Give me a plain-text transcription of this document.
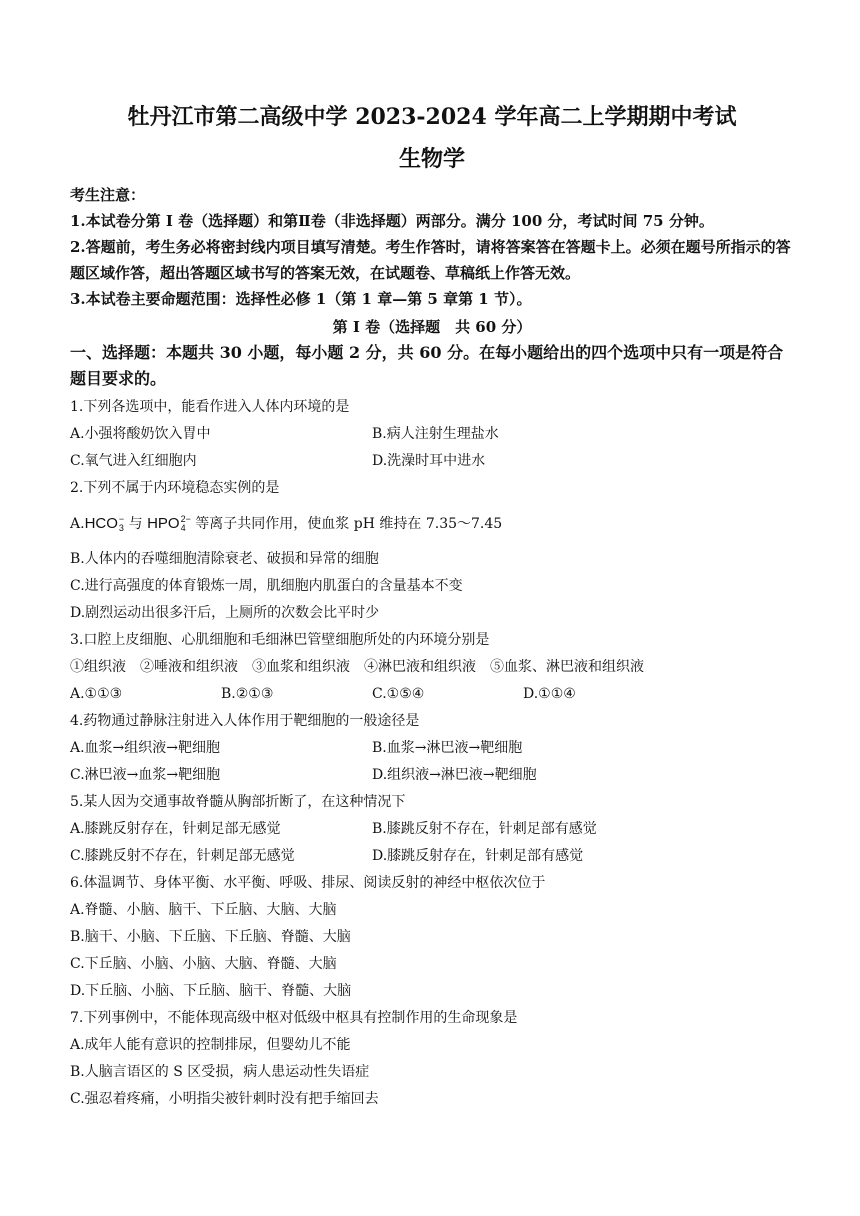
牡丹江市第二高级中学 2023-2024 学年高二上学期期中考试
生物学

考生注意：

1.本试卷分第 I 卷（选择题）和第Ⅱ卷（非选择题）两部分。满分 100 分，考试时间 75 分钟。

2.答题前，考生务必将密封线内项目填写清楚。考生作答时，请将答案答在答题卡上。必须在题号所指示的答题区域作答，超出答题区域书写的答案无效，在试题卷、草稿纸上作答无效。

3.本试卷主要命题范围：选择性必修 1（第 1 章—第 5 章第 1 节）。

第 I 卷（选择题　共 60 分）

一、选择题：本题共 30 小题，每小题 2 分，共 60 分。在每小题给出的四个选项中只有一项是符合题目要求的。

1.下列各选项中，能看作进入人体内环境的是

A.小强将酸奶饮入胃中	B.病人注射生理盐水

C.氧气进入红细胞内	D.洗澡时耳中进水

2.下列不属于内环境稳态实例的是

A.HCO −
3 与 HPO 2−
4 等离子共同作用，使血浆 pH 维持在 7.35～7.45

B.人体内的吞噬细胞清除衰老、破损和异常的细胞

C.进行高强度的体育锻炼一周，肌细胞内肌蛋白的含量基本不变

D.剧烈运动出很多汗后，上厕所的次数会比平时少

3.口腔上皮细胞、心肌细胞和毛细淋巴管壁细胞所处的内环境分别是

①组织液 ②唾液和组织液 ③血浆和组织液 ④淋巴液和组织液 ⑤血浆、淋巴液和组织液

A.①①③	B.②①③	C.①⑤④	D.①①④

4.药物通过静脉注射进入人体作用于靶细胞的一般途径是

A.血浆→组织液→靶细胞	B.血浆→淋巴液→靶细胞

C.淋巴液→血浆→靶细胞	D.组织液→淋巴液→靶细胞

5.某人因为交通事故脊髓从胸部折断了，在这种情况下

A.膝跳反射存在，针刺足部无感觉	B.膝跳反射不存在，针刺足部有感觉

C.膝跳反射不存在，针刺足部无感觉	D.膝跳反射存在，针刺足部有感觉

6.体温调节、身体平衡、水平衡、呼吸、排尿、阅读反射的神经中枢依次位于

A.脊髓、小脑、脑干、下丘脑、大脑、大脑

B.脑干、小脑、下丘脑、下丘脑、脊髓、大脑

C.下丘脑、小脑、小脑、大脑、脊髓、大脑

D.下丘脑、小脑、下丘脑、脑干、脊髓、大脑

7.下列事例中，不能体现高级中枢对低级中枢具有控制作用的生命现象是

A.成年人能有意识的控制排尿，但婴幼儿不能

B.人脑言语区的 S 区受损，病人患运动性失语症

C.强忍着疼痛，小明指尖被针刺时没有把手缩回去
